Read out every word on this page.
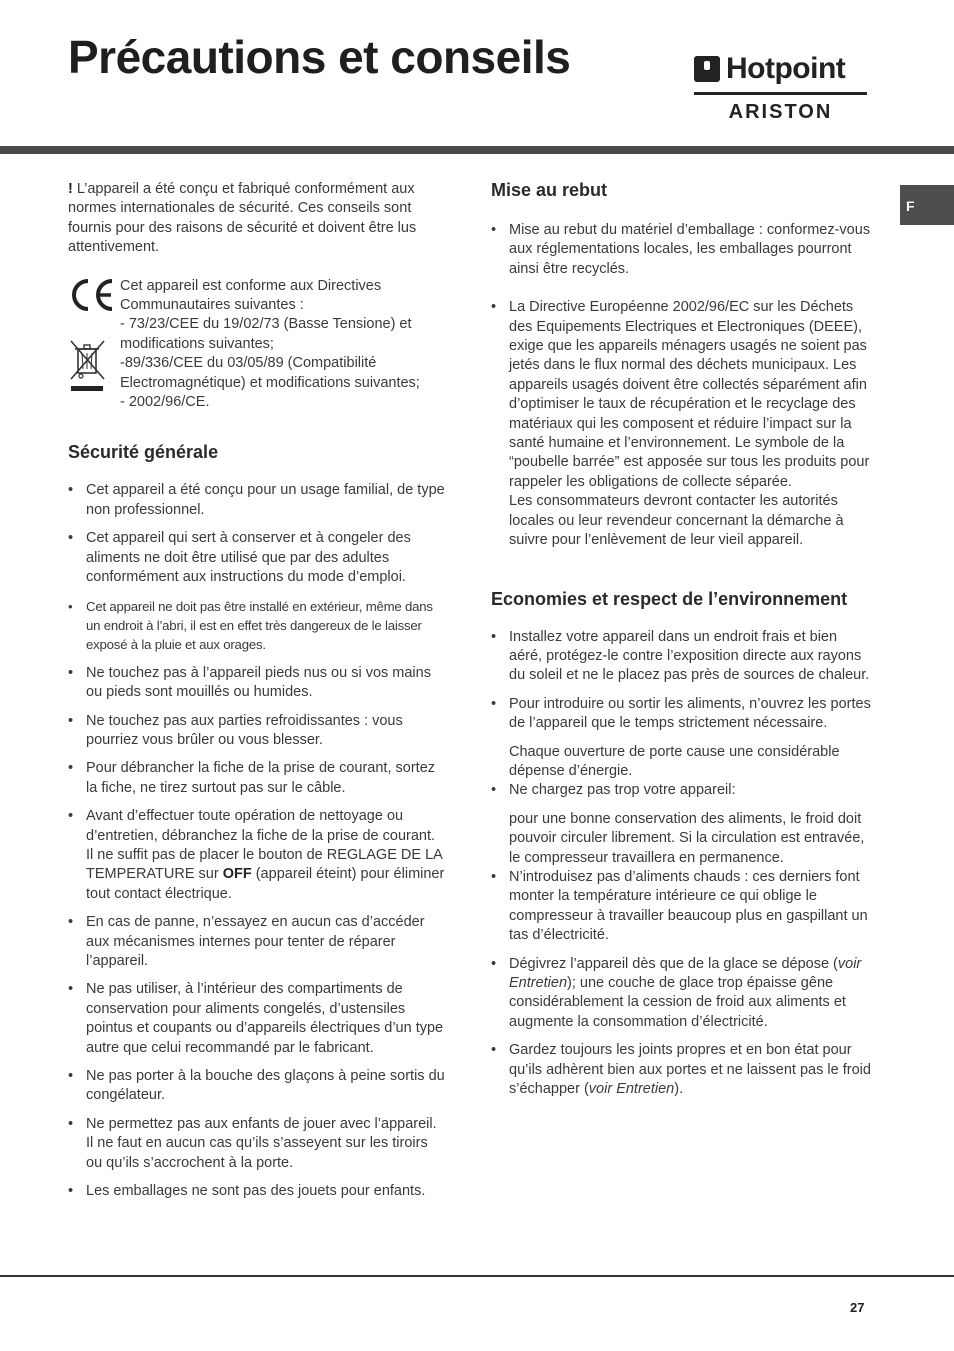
Précautions et conseils	Hotpoint
ARISTON
F

! L’appareil a été conçu et fabriqué conformément aux normes internationales de sécurité. Ces conseils sont fournis pour des raisons de sécurité et doivent être lus attentivement.

Cet appareil est conforme aux Directives Communautaires suivantes :

- 73/23/CEE du 19/02/73 (Basse Tensione) et modifications suivantes;

-89/336/CEE du 03/05/89 (Compatibilité Electromagnétique) et modifications suivantes;

- 2002/96/CE.

Sécurité générale
• Cet appareil a été conçu pour un usage familial, de type non professionnel.
• Cet appareil qui sert à conserver et à congeler des aliments ne doit être utilisé que par des adultes conformément aux instructions du mode d’emploi.
• Cet appareil ne doit pas être installé en extérieur, même dans un endroit à l’abri, il est en effet très dangereux de le laisser exposé à la pluie et aux orages.
• Ne touchez pas à l’appareil pieds nus ou si vos mains ou pieds sont mouillés ou humides.
• Ne touchez pas aux parties refroidissantes : vous pourriez vous brûler ou vous blesser.
• Pour débrancher la fiche de la prise de courant, sortez la fiche, ne tirez surtout pas sur le câble.
• Avant d’effectuer toute opération de nettoyage ou d’entretien, débranchez la fiche de la prise de courant. Il ne suffit pas de placer le bouton de REGLAGE DE LA TEMPERATURE sur OFF (appareil éteint) pour éliminer tout contact électrique.
• En cas de panne, n’essayez en aucun cas d’accéder aux mécanismes internes pour tenter de réparer l’appareil.
• Ne pas utiliser, à l’intérieur des compartiments de conservation pour aliments congelés, d’ustensiles pointus et coupants ou d’appareils électriques d’un type autre que celui recommandé par le fabricant.
• Ne pas porter à la bouche des glaçons à peine sortis du congélateur.
• Ne permettez pas aux enfants de jouer avec l’appareil. Il ne faut en aucun cas qu’ils s’asseyent sur les tiroirs ou qu’ils s’accrochent à la porte.
• Les emballages ne sont pas des jouets pour enfants.
Mise au rebut
• Mise au rebut du matériel d’emballage : conformez-vous aux réglementations locales, les emballages pourront ainsi être recyclés.
• La Directive Européenne 2002/96/EC sur les Déchets des Equipements Electriques et Electroniques (DEEE), exige que les appareils ménagers usagés ne soient pas jetés dans le flux normal des déchets municipaux. Les appareils usagés doivent être collectés séparément afin d’optimiser le taux de récupération et le recyclage des matériaux qui les composent et réduire l’impact sur la santé humaine et l’environnement. Le symbole de la “poubelle barrée” est apposée sur tous les produits pour rappeler les obligations de collecte séparée.
Les consommateurs devront contacter les autorités locales ou leur revendeur concernant la démarche à suivre pour l’enlèvement de leur vieil appareil.
Economies et respect de l’environnement
• Installez votre appareil dans un endroit frais et bien aéré, protégez-le contre l’exposition directe aux rayons du soleil et ne le placez pas près de sources de chaleur.
• Pour introduire ou sortir les aliments, n’ouvrez les portes de l’appareil que le temps strictement nécessaire.

Chaque ouverture de porte cause une considérable dépense d’énergie.

• Ne chargez pas trop votre appareil:

pour une bonne conservation des aliments, le froid doit pouvoir circuler librement. Si la circulation est entravée, le compresseur travaillera en permanence.

• N’introduisez pas d’aliments chauds : ces derniers font monter la température intérieure ce qui oblige le compresseur à travailler beaucoup plus en gaspillant un tas d’électricité.
• Dégivrez l’appareil dès que de la glace se dépose (voir Entretien); une couche de glace trop épaisse gêne considérablement la cession de froid aux aliments et augmente la consommation d’électricité.
• Gardez toujours les joints propres et en bon état pour qu’ils adhèrent bien aux portes et ne laissent pas le froid s’échapper (voir Entretien).
27
